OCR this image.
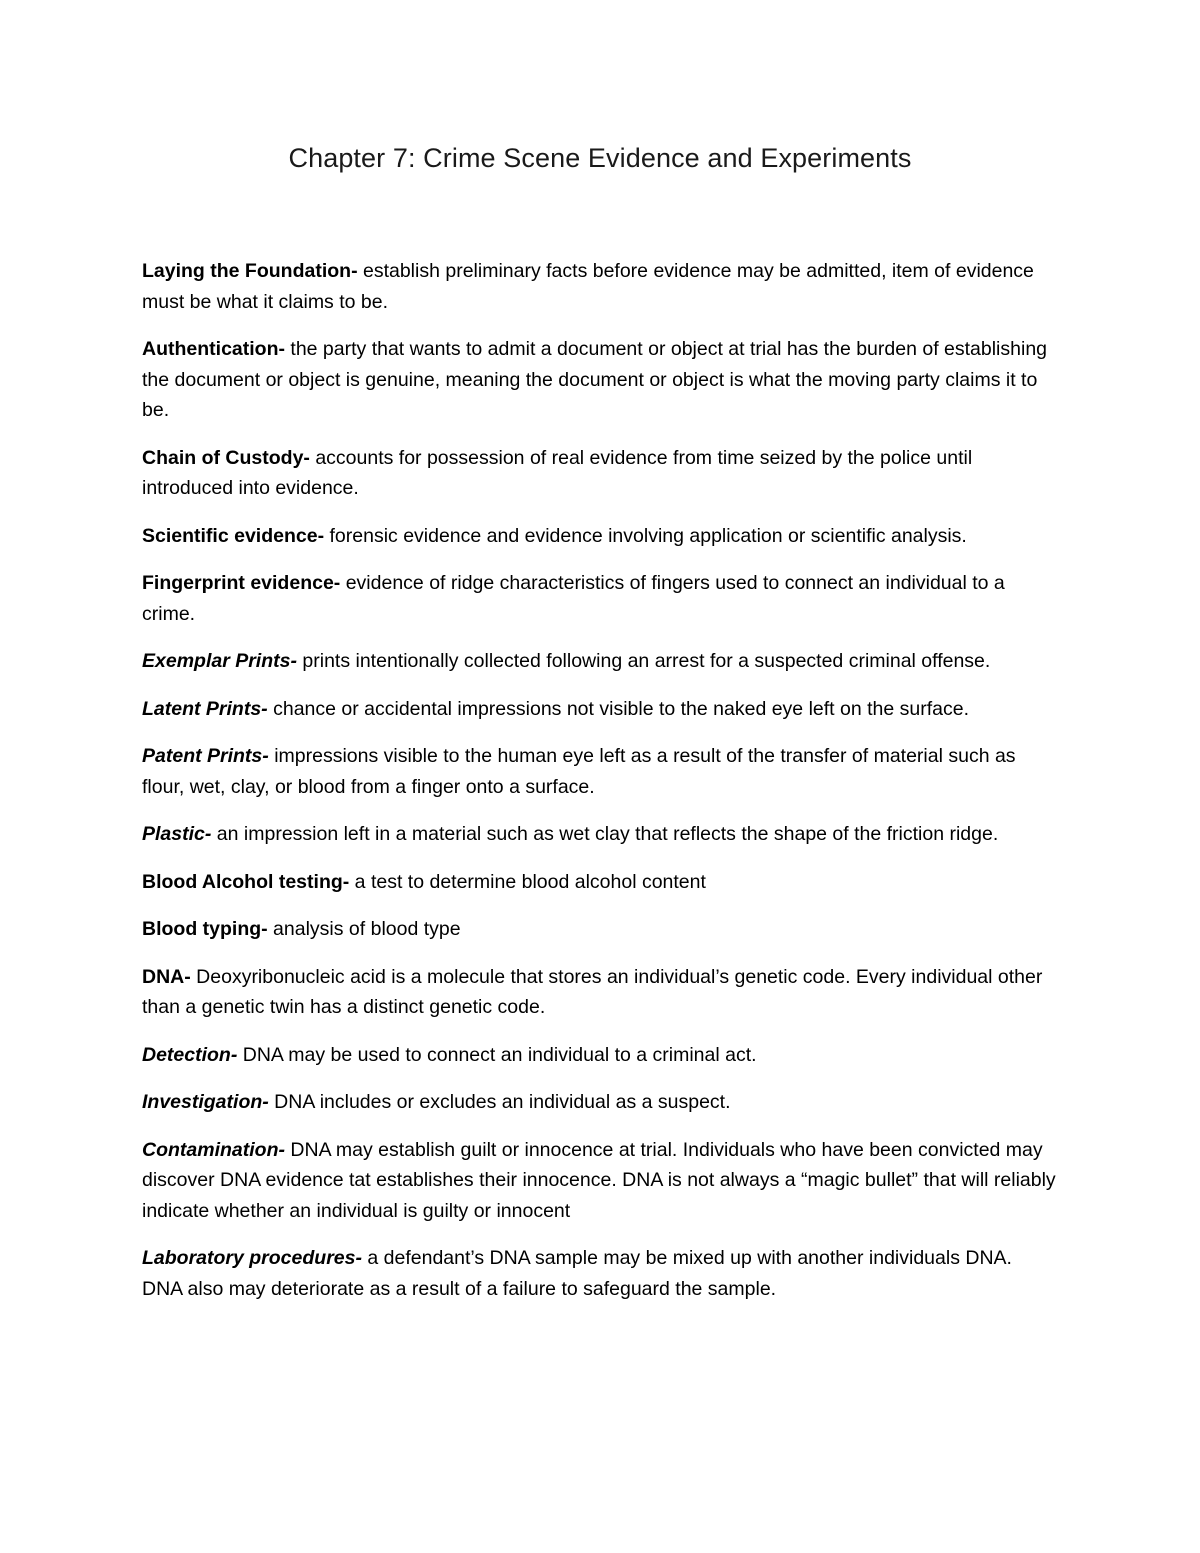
Chapter 7: Crime Scene Evidence and Experiments

Laying the Foundation- establish preliminary facts before evidence may be admitted, item of evidence must be what it claims to be.

Authentication- the party that wants to admit a document or object at trial has the burden of establishing the document or object is genuine, meaning the document or object is what the moving party claims it to be.

Chain of Custody- accounts for possession of real evidence from time seized by the police until introduced into evidence.

Scientific evidence- forensic evidence and evidence involving application or scientific analysis.

Fingerprint evidence- evidence of ridge characteristics of fingers used to connect an individual to a crime.

Exemplar Prints- prints intentionally collected following an arrest for a suspected criminal offense.

Latent Prints- chance or accidental impressions not visible to the naked eye left on the surface.

Patent Prints- impressions visible to the human eye left as a result of the transfer of material such as flour, wet, clay, or blood from a finger onto a surface.

Plastic- an impression left in a material such as wet clay that reflects the shape of the friction ridge.

Blood Alcohol testing- a test to determine blood alcohol content

Blood typing- analysis of blood type

DNA- Deoxyribonucleic acid is a molecule that stores an individual’s genetic code. Every individual other than a genetic twin has a distinct genetic code.

Detection- DNA may be used to connect an individual to a criminal act.

Investigation- DNA includes or excludes an individual as a suspect.

Contamination- DNA may establish guilt or innocence at trial. Individuals who have been convicted may discover DNA evidence tat establishes their innocence. DNA is not always a “magic bullet” that will reliably indicate whether an individual is guilty or innocent

Laboratory procedures- a defendant’s DNA sample may be mixed up with another individuals DNA. DNA also may deteriorate as a result of a failure to safeguard the sample.
